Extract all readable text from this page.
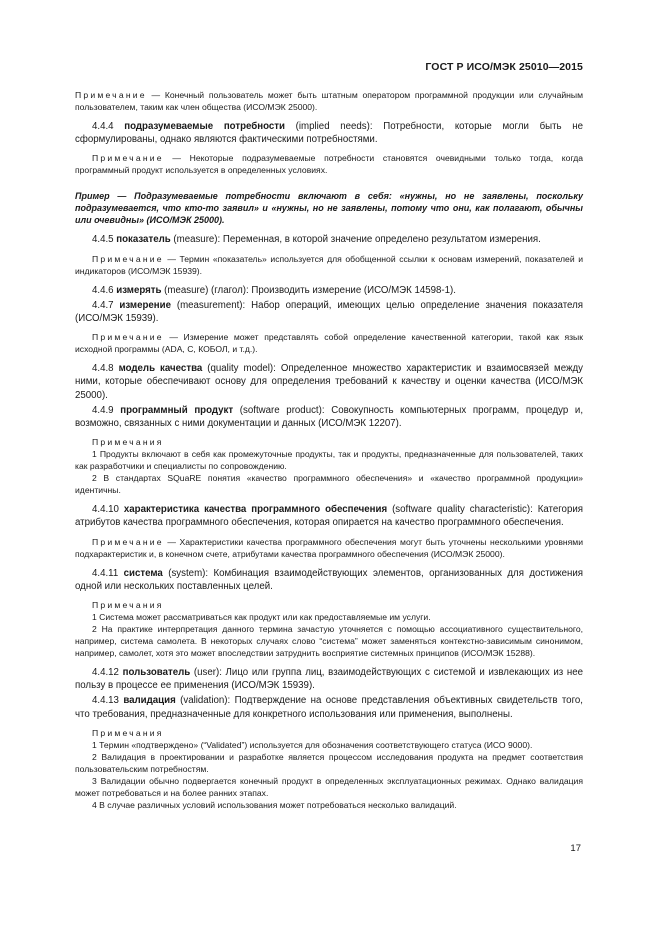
ГОСТ Р ИСО/МЭК 25010—2015

Примечание — Конечный пользователь может быть штатным оператором программной продукции или случайным пользователем, таким как член общества (ИСО/МЭК 25000).

4.4.4 подразумеваемые потребности (implied needs): Потребности, которые могли быть не сформулированы, однако являются фактическими потребностями.

Примечание — Некоторые подразумеваемые потребности становятся очевидными только тогда, когда программный продукт используется в определенных условиях.

Пример — Подразумеваемые потребности включают в себя: «нужны, но не заявлены, поскольку подразумевается, что кто-то заявил» и «нужны, но не заявлены, потому что они, как полагают, обычны или очевидны» (ИСО/МЭК 25000).

4.4.5 показатель (measure): Переменная, в которой значение определено результатом измерения.

Примечание — Термин «показатель» используется для обобщенной ссылки к основам измерений, показателей и индикаторов (ИСО/МЭК 15939).

4.4.6 измерять (measure) (глагол): Производить измерение (ИСО/МЭК 14598-1).

4.4.7 измерение (measurement): Набор операций, имеющих целью определение значения показателя (ИСО/МЭК 15939).

Примечание — Измерение может представлять собой определение качественной категории, такой как язык исходной программы (ADA, C, КОБОЛ, и т.д.).

4.4.8 модель качества (quality model): Определенное множество характеристик и взаимосвязей между ними, которые обеспечивают основу для определения требований к качеству и оценки качества (ИСО/МЭК 25000).

4.4.9 программный продукт (software product): Совокупность компьютерных программ, процедур и, возможно, связанных с ними документации и данных (ИСО/МЭК 12207).

Примечания

1 Продукты включают в себя как промежуточные продукты, так и продукты, предназначенные для пользователей, таких как разработчики и специалисты по сопровождению.

2 В стандартах SQuaRE понятия «качество программного обеспечения» и «качество программной продукции» идентичны.

4.4.10 характеристика качества программного обеспечения (software quality characteristic): Категория атрибутов качества программного обеспечения, которая опирается на качество программного обеспечения.

Примечание — Характеристики качества программного обеспечения могут быть уточнены несколькими уровнями подхарактеристик и, в конечном счете, атрибутами качества программного обеспечения (ИСО/МЭК 25000).

4.4.11 система (system): Комбинация взаимодействующих элементов, организованных для достижения одной или нескольких поставленных целей.

Примечания

1 Система может рассматриваться как продукт или как предоставляемые им услуги.

2 На практике интерпретация данного термина зачастую уточняется с помощью ассоциативного существительного, например, система самолета. В некоторых случаях слово “система” может заменяться контекстно-зависимым синонимом, например, самолет, хотя это может впоследствии затруднить восприятие системных принципов (ИСО/МЭК 15288).

4.4.12 пользователь (user): Лицо или группа лиц, взаимодействующих с системой и извлекающих из нее пользу в процессе ее применения (ИСО/МЭК 15939).

4.4.13 валидация (validation): Подтверждение на основе представления объективных свидетельств того, что требования, предназначенные для конкретного использования или применения, выполнены.

Примечания

1 Термин «подтверждено» (“Validated”) используется для обозначения соответствующего статуса (ИСО 9000).

2 Валидация в проектировании и разработке является процессом исследования продукта на предмет соответствия пользовательским потребностям.

3 Валидации обычно подвергается конечный продукт в определенных эксплуатационных режимах. Однако валидация может потребоваться и на более ранних этапах.

4 В случае различных условий использования может потребоваться несколько валидаций.

17
